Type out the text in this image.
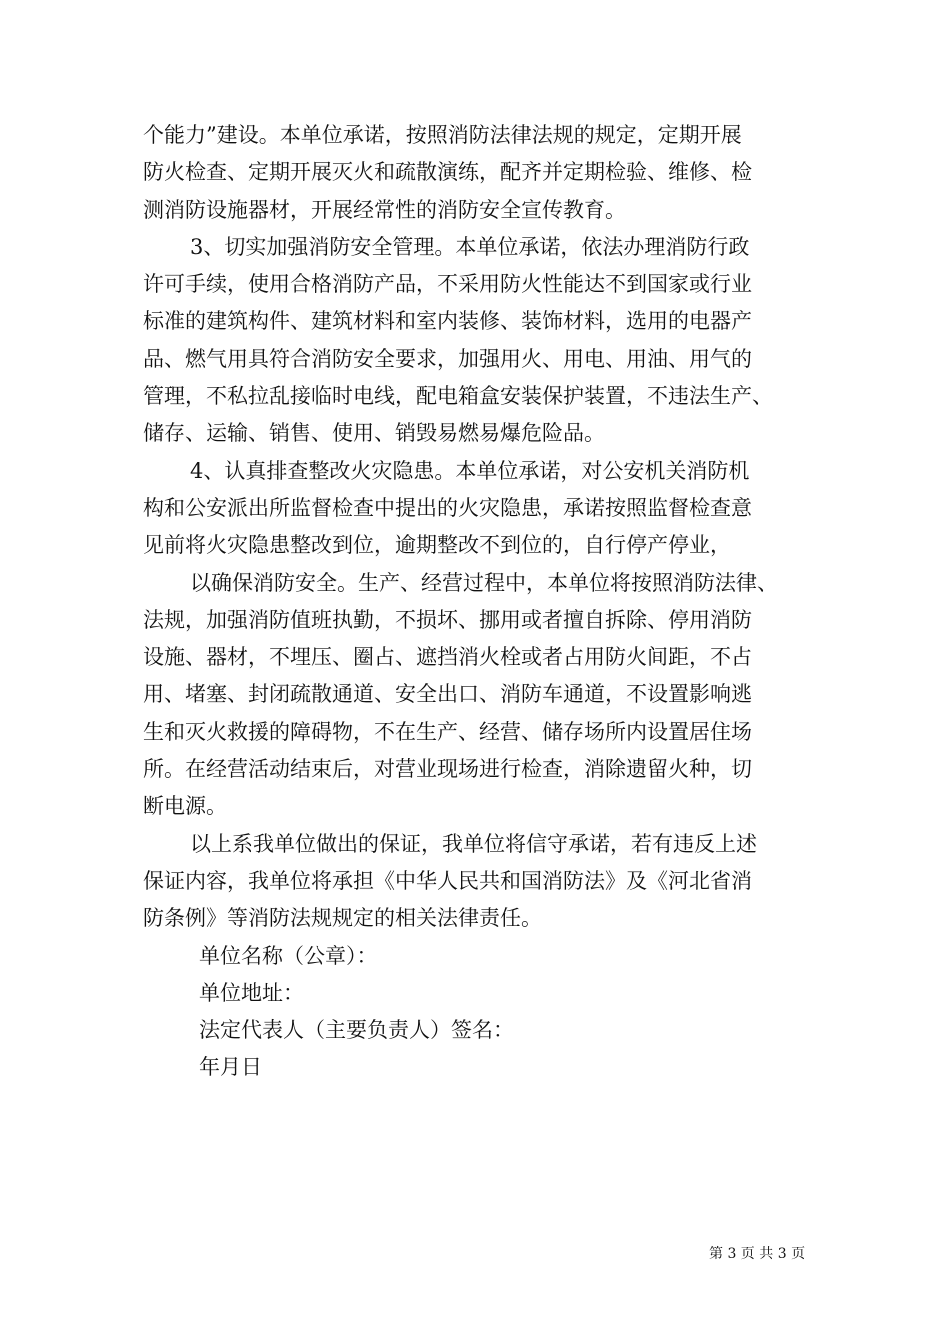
个能力”建设。本单位承诺，按照消防法律法规的规定，定期开展
防火检查、定期开展灭火和疏散演练，配齐并定期检验、维修、检
测消防设施器材，开展经常性的消防安全宣传教育。
3、切实加强消防安全管理。本单位承诺，依法办理消防行政
许可手续，使用合格消防产品，不采用防火性能达不到国家或行业
标准的建筑构件、建筑材料和室内装修、装饰材料，选用的电器产
品、燃气用具符合消防安全要求，加强用火、用电、用油、用气的
管理，不私拉乱接临时电线，配电箱盒安装保护装置，不违法生产、
储存、运输、销售、使用、销毁易燃易爆危险品。
4、认真排查整改火灾隐患。本单位承诺，对公安机关消防机
构和公安派出所监督检查中提出的火灾隐患，承诺按照监督检查意
见前将火灾隐患整改到位，逾期整改不到位的，自行停产停业，
以确保消防安全。生产、经营过程中，本单位将按照消防法律、
法规，加强消防值班执勤，不损坏、挪用或者擅自拆除、停用消防
设施、器材，不埋压、圈占、遮挡消火栓或者占用防火间距，不占
用、堵塞、封闭疏散通道、安全出口、消防车通道，不设置影响逃
生和灭火救援的障碍物，不在生产、经营、储存场所内设置居住场
所。在经营活动结束后，对营业现场进行检查，消除遗留火种，切
断电源。
以上系我单位做出的保证，我单位将信守承诺，若有违反上述
保证内容，我单位将承担《中华人民共和国消防法》及《河北省消
防条例》等消防法规规定的相关法律责任。
单位名称（公章）：
单位地址：
法定代表人（主要负责人）签名：
年月日
第 3 页 共 3 页
